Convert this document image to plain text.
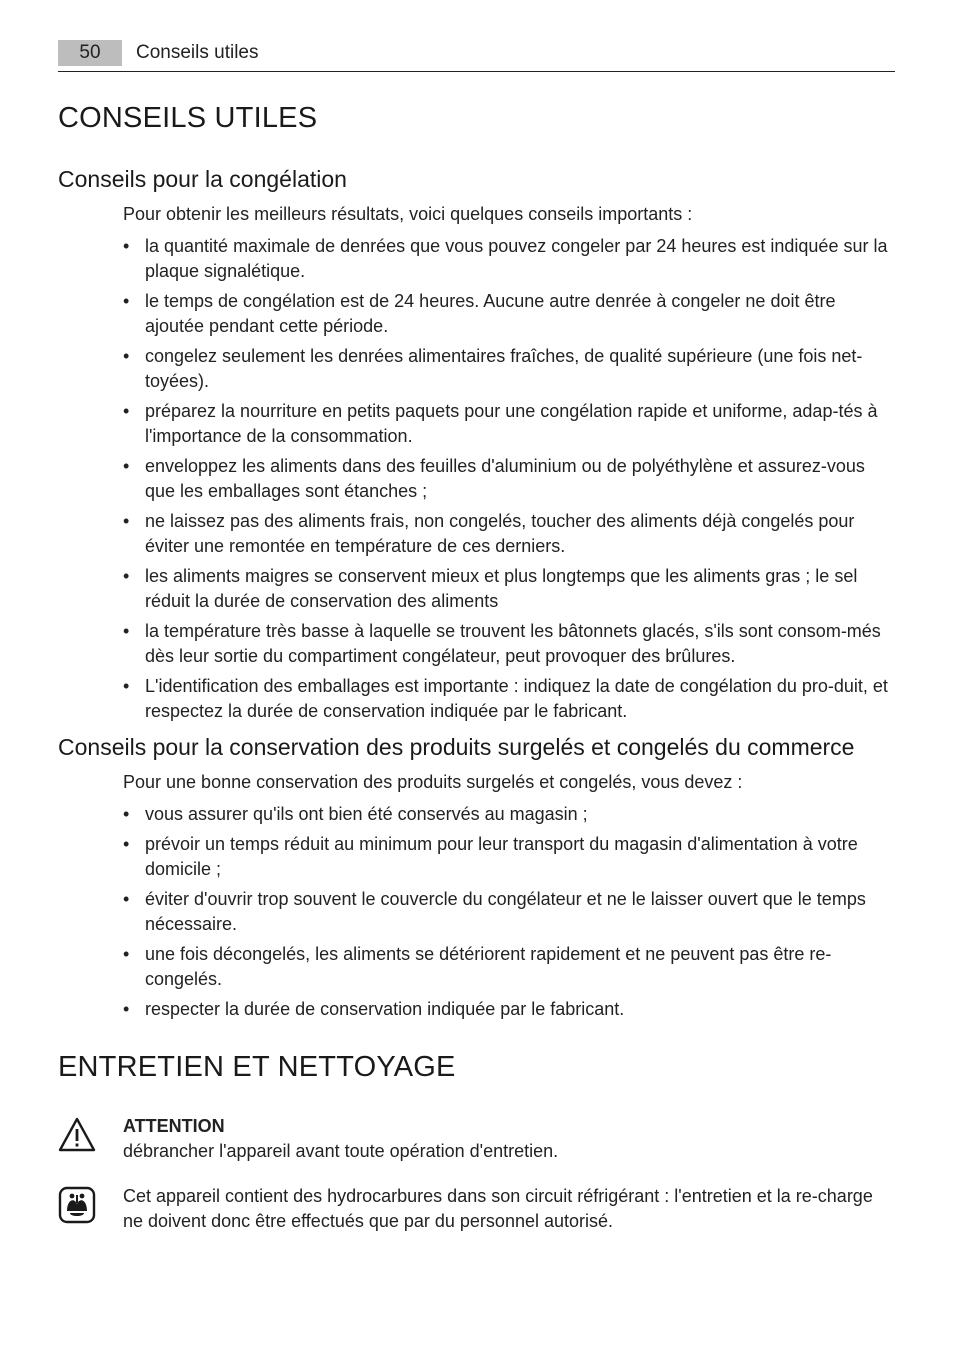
50	Conseils utiles
CONSEILS UTILES
Conseils pour la congélation

Pour obtenir les meilleurs résultats, voici quelques conseils importants :

• la quantité maximale de denrées que vous pouvez congeler par 24 heures est indiquée sur la plaque signalétique.
• le temps de congélation est de 24 heures. Aucune autre denrée à congeler ne doit être ajoutée pendant cette période.
• congelez seulement les denrées alimentaires fraîches, de qualité supérieure (une fois net-toyées).
• préparez la nourriture en petits paquets pour une congélation rapide et uniforme, adap-tés à l'importance de la consommation.
• enveloppez les aliments dans des feuilles d'aluminium ou de polyéthylène et assurez-vous que les emballages sont étanches ;
• ne laissez pas des aliments frais, non congelés, toucher des aliments déjà congelés pour éviter une remontée en température de ces derniers.
• les aliments maigres se conservent mieux et plus longtemps que les aliments gras ; le sel réduit la durée de conservation des aliments
• la température très basse à laquelle se trouvent les bâtonnets glacés, s'ils sont consom-més dès leur sortie du compartiment congélateur, peut provoquer des brûlures.
• L'identification des emballages est importante : indiquez la date de congélation du pro-duit, et respectez la durée de conservation indiquée par le fabricant.
Conseils pour la conservation des produits surgelés et congelés du commerce

Pour une bonne conservation des produits surgelés et congelés, vous devez :

• vous assurer qu'ils ont bien été conservés au magasin ;
• prévoir un temps réduit au minimum pour leur transport du magasin d'alimentation à votre domicile ;
• éviter d'ouvrir trop souvent le couvercle du congélateur et ne le laisser ouvert que le temps nécessaire.
• une fois décongelés, les aliments se détériorent rapidement et ne peuvent pas être re-congelés.
• respecter la durée de conservation indiquée par le fabricant.
ENTRETIEN ET NETTOYAGE
ATTENTION
débrancher l'appareil avant toute opération d'entretien.
Cet appareil contient des hydrocarbures dans son circuit réfrigérant : l'entretien et la re-charge ne doivent donc être effectués que par du personnel autorisé.
